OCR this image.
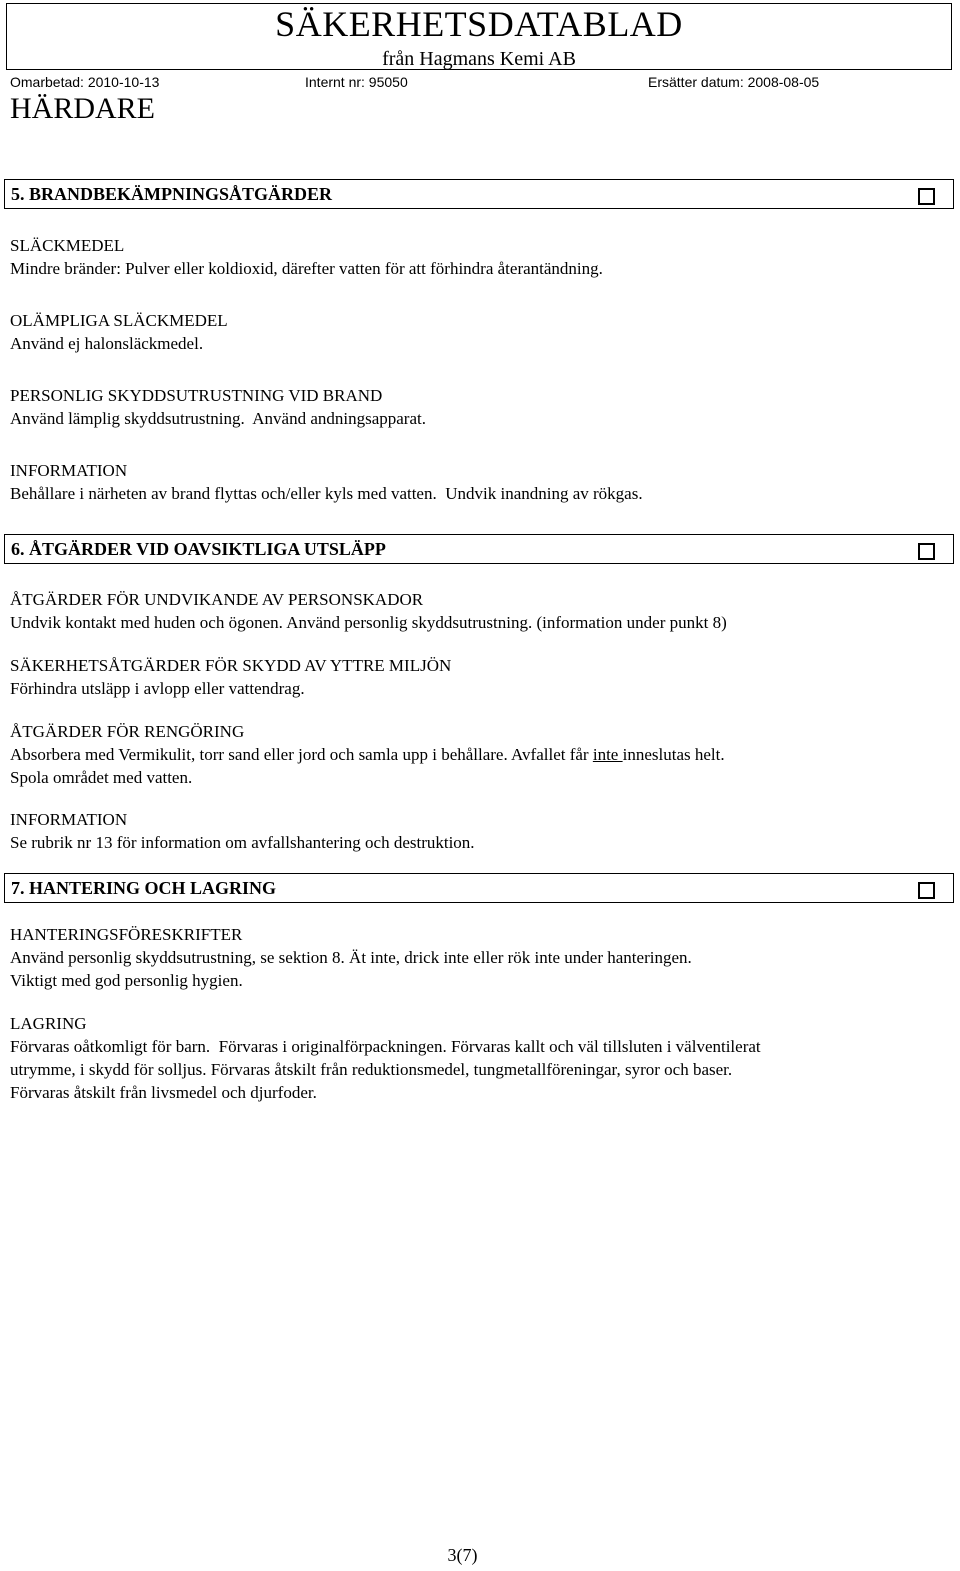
SÄKERHETSDATABLAD
från Hagmans Kemi AB
Omarbetad: 2010-10-13	Internt nr: 95050	Ersätter datum: 2008-08-05
HÄRDARE
5. BRANDBEKÄMPNINGSÅTGÄRDER
SLÄCKMEDEL

Mindre bränder: Pulver eller koldioxid, därefter vatten för att förhindra återantändning.

OLÄMPLIGA SLÄCKMEDEL

Använd ej halonsläckmedel.

PERSONLIG SKYDDSUTRUSTNING VID BRAND

Använd lämplig skyddsutrustning.  Använd andningsapparat.

INFORMATION

Behållare i närheten av brand flyttas och/eller kyls med vatten.  Undvik inandning av rökgas.

6. ÅTGÄRDER VID OAVSIKTLIGA UTSLÄPP
ÅTGÄRDER FÖR UNDVIKANDE AV PERSONSKADOR

Undvik kontakt med huden och ögonen. Använd personlig skyddsutrustning. (information under punkt 8)

SÄKERHETSÅTGÄRDER FÖR SKYDD AV YTTRE MILJÖN

Förhindra utsläpp i avlopp eller vattendrag.

ÅTGÄRDER FÖR RENGÖRING

Absorbera med Vermikulit, torr sand eller jord och samla upp i behållare. Avfallet får inte inneslutas helt.

Spola området med vatten.

INFORMATION

Se rubrik nr 13 för information om avfallshantering och destruktion.

7. HANTERING OCH LAGRING
HANTERINGSFÖRESKRIFTER

Använd personlig skyddsutrustning, se sektion 8. Ät inte, drick inte eller rök inte under hanteringen.

Viktigt med god personlig hygien.

LAGRING

Förvaras oåtkomligt för barn.  Förvaras i originalförpackningen. Förvaras kallt och väl tillsluten i välventilerat

utrymme, i skydd för solljus. Förvaras åtskilt från reduktionsmedel, tungmetallföreningar, syror och baser.

Förvaras åtskilt från livsmedel och djurfoder.

3(7)
